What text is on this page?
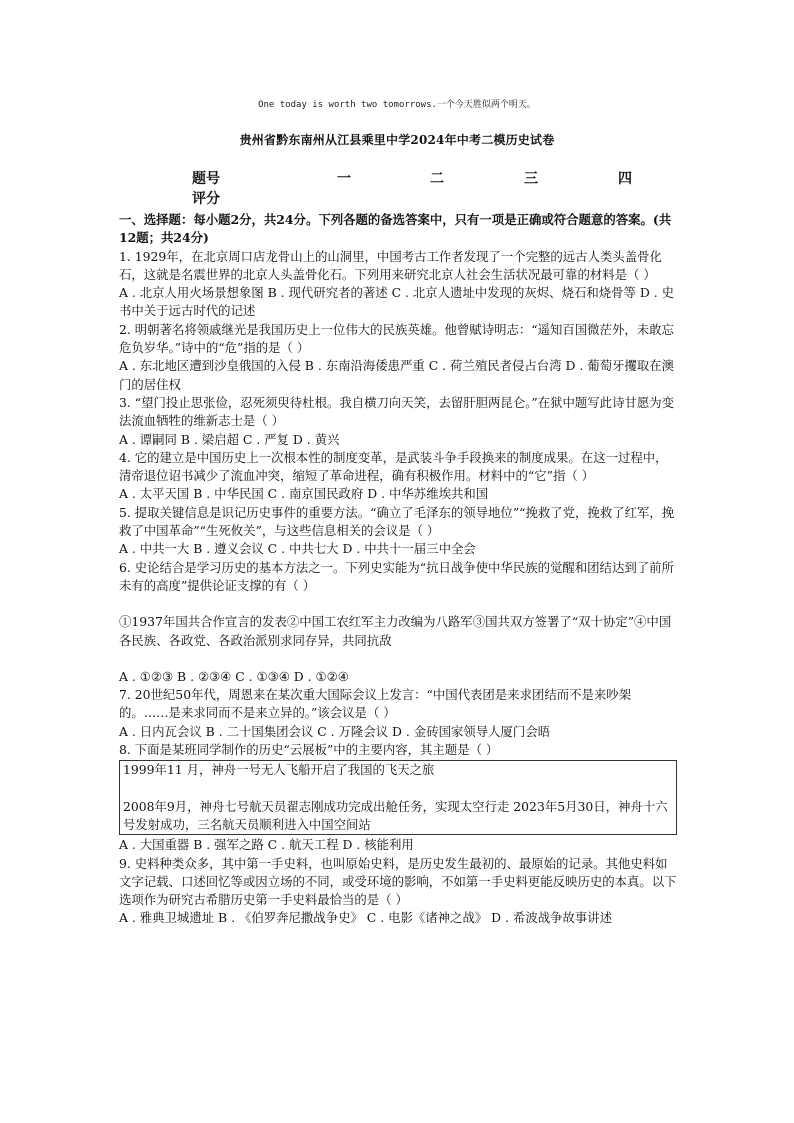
One today is worth two tomorrows.一个今天胜似两个明天。
贵州省黔东南州从江县乘里中学2024年中考二模历史试卷
题号	一	二	三	四
评分

一、选择题：每小题2分，共24分。下列各题的备选答案中，只有一项是正确或符合题意的答案。(共12题；共24分)

1. 1929年，在北京周口店龙骨山上的山洞里，中国考古工作者发现了一个完整的远古人类头盖骨化石，这就是名震世界的北京人头盖骨化石。下列用来研究北京人社会生活状况最可靠的材料是（ ）

A . 北京人用火场景想象图 B . 现代研究者的著述 C . 北京人遗址中发现的灰烬、烧石和烧骨等 D . 史书中关于远古时代的记述

2. 明朝著名将领戚继光是我国历史上一位伟大的民族英雄。他曾赋诗明志：“遥知百国微茫外，未敢忘危负岁华。”诗中的“危”指的是（ ）

A . 东北地区遭到沙皇俄国的入侵 B . 东南沿海倭患严重 C . 荷兰殖民者侵占台湾 D . 葡萄牙攫取在澳门的居住权

3. “望门投止思张俭，忍死须臾待杜根。我自横刀向天笑，去留肝胆两昆仑。”在狱中题写此诗甘愿为变法流血牺牲的维新志士是（ ）

A . 谭嗣同 B . 梁启超 C . 严复 D . 黄兴

4. 它的建立是中国历史上一次根本性的制度变革，是武装斗争手段换来的制度成果。在这一过程中，清帝退位诏书减少了流血冲突，缩短了革命进程，确有积极作用。材料中的“它”指（ ）

A . 太平天国 B . 中华民国 C . 南京国民政府 D . 中华苏维埃共和国

5. 提取关键信息是识记历史事件的重要方法。“确立了毛泽东的领导地位”“挽救了党，挽救了红军，挽救了中国革命”“生死攸关”，与这些信息相关的会议是（ ）

A . 中共一大 B . 遵义会议 C . 中共七大 D . 中共十一届三中全会

6. 史论结合是学习历史的基本方法之一。下列史实能为“抗日战争使中华民族的觉醒和团结达到了前所未有的高度”提供论证支撑的有（ ）

①1937年国共合作宣言的发表②中国工农红军主力改编为八路军③国共双方签署了“双十协定”④中国各民族、各政党、各政治派别求同存异，共同抗敌

A . ①②③ B . ②③④ C . ①③④ D . ①②④

7. 20世纪50年代，周恩来在某次重大国际会议上发言：“中国代表团是来求团结而不是来吵架的。……是来求同而不是来立异的。”该会议是（ ）

A . 日内瓦会议 B . 二十国集团会议 C . 万隆会议 D . 金砖国家领导人厦门会晤

8. 下面是某班同学制作的历史“云展板”中的主要内容，其主题是（ ）

1999年11 月，神舟一号无人飞船开启了我国的飞天之旅

2008年9月，神舟七号航天员翟志刚成功完成出舱任务，实现太空行走 2023年5月30日，神舟十六号发射成功，三名航天员顺利进入中国空间站

A . 大国重器 B . 强军之路 C . 航天工程 D . 核能利用

9. 史料种类众多，其中第一手史料，也叫原始史料，是历史发生最初的、最原始的记录。其他史料如文字记载、口述回忆等或因立场的不同，或受环境的影响，不如第一手史料更能反映历史的本真。以下选项作为研究古希腊历史第一手史料最恰当的是（ ）

A . 雅典卫城遗址 B . 《伯罗奔尼撒战争史》 C . 电影《诸神之战》 D . 希波战争故事讲述
